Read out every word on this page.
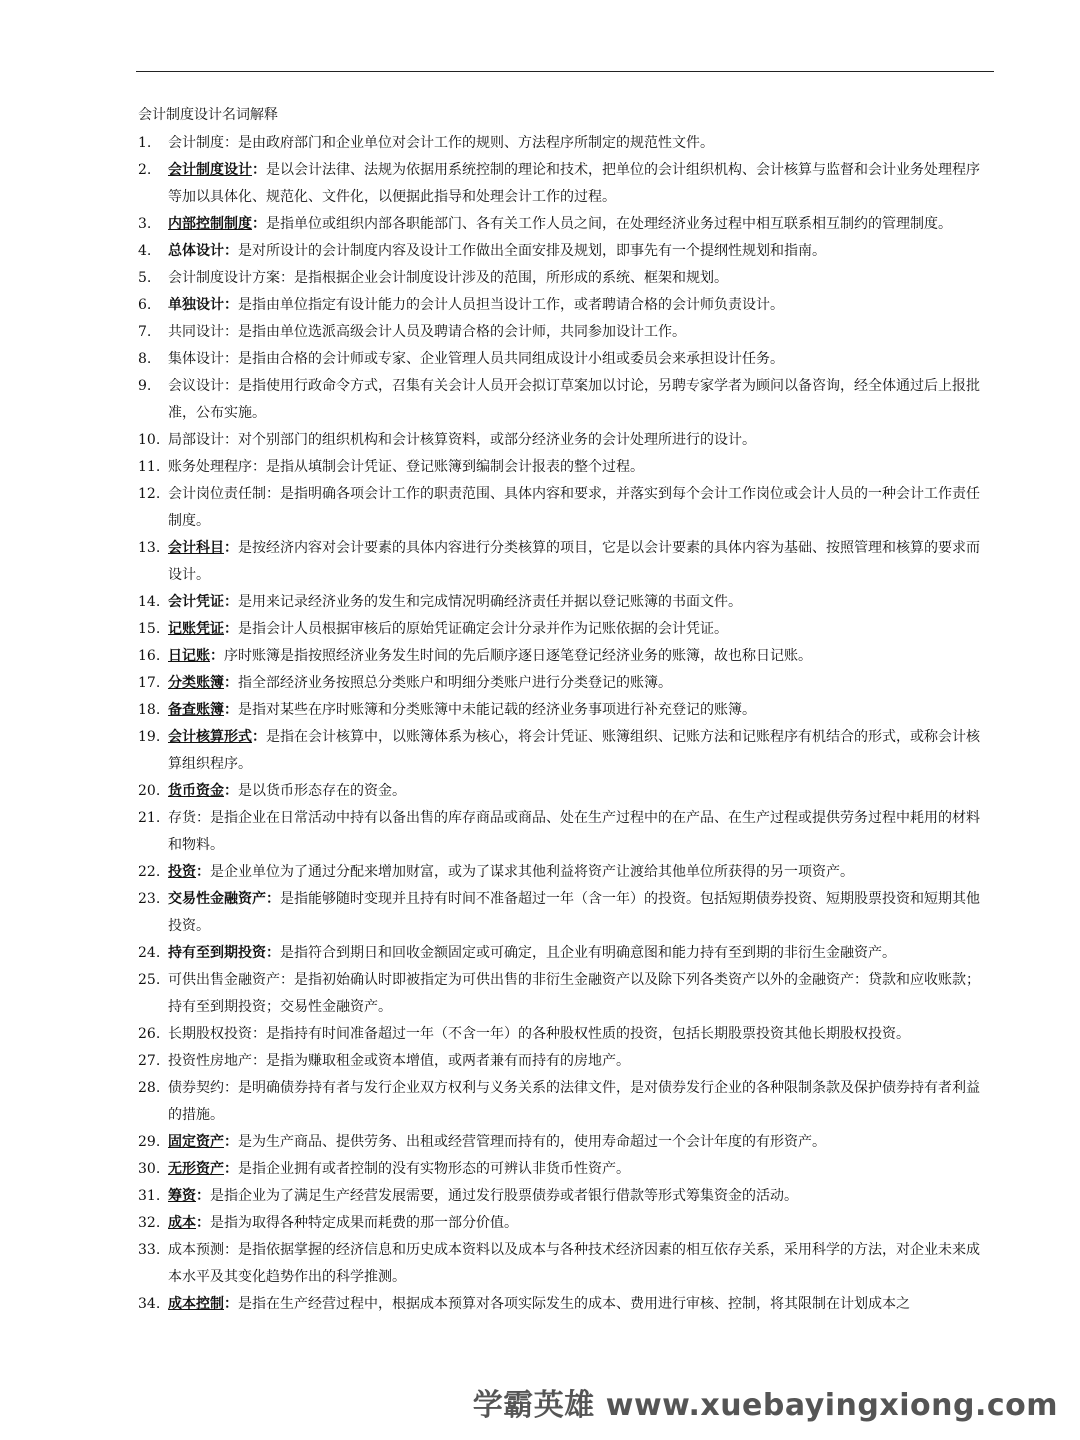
会计制度设计名词解释
1.	会计制度：是由政府部门和企业单位对会计工作的规则、方法程序所制定的规范性文件。
2.	会计制度设计：是以会计法律、法规为依据用系统控制的理论和技术，把单位的会计组织机构、会计核算与监督和会计业务处理程序等加以具体化、规范化、文件化，以便据此指导和处理会计工作的过程。
3.	内部控制制度：是指单位或组织内部各职能部门、各有关工作人员之间，在处理经济业务过程中相互联系相互制约的管理制度。
4.	总体设计：是对所设计的会计制度内容及设计工作做出全面安排及规划，即事先有一个提纲性规划和指南。
5.	会计制度设计方案：是指根据企业会计制度设计涉及的范围，所形成的系统、框架和规划。
6.	单独设计：是指由单位指定有设计能力的会计人员担当设计工作，或者聘请合格的会计师负责设计。
7.	共同设计：是指由单位选派高级会计人员及聘请合格的会计师，共同参加设计工作。
8.	集体设计：是指由合格的会计师或专家、企业管理人员共同组成设计小组或委员会来承担设计任务。
9.	会议设计：是指使用行政命令方式，召集有关会计人员开会拟订草案加以讨论，另聘专家学者为顾问以备咨询，经全体通过后上报批准，公布实施。
10. 局部设计：对个别部门的组织机构和会计核算资料，或部分经济业务的会计处理所进行的设计。
11. 账务处理程序：是指从填制会计凭证、登记账簿到编制会计报表的整个过程。
12. 会计岗位责任制：是指明确各项会计工作的职责范围、具体内容和要求，并落实到每个会计工作岗位或会计人员的一种会计工作责任制度。
13. 会计科目：是按经济内容对会计要素的具体内容进行分类核算的项目，它是以会计要素的具体内容为基础、按照管理和核算的要求而设计。
14. 会计凭证：是用来记录经济业务的发生和完成情况明确经济责任并据以登记账簿的书面文件。
15. 记账凭证：是指会计人员根据审核后的原始凭证确定会计分录并作为记账依据的会计凭证。
16. 日记账：序时账簿是指按照经济业务发生时间的先后顺序逐日逐笔登记经济业务的账簿，故也称日记账。
17. 分类账簿：指全部经济业务按照总分类账户和明细分类账户进行分类登记的账簿。
18. 备查账簿：是指对某些在序时账簿和分类账簿中未能记载的经济业务事项进行补充登记的账簿。
19. 会计核算形式：是指在会计核算中，以账簿体系为核心，将会计凭证、账簿组织、记账方法和记账程序有机结合的形式，或称会计核算组织程序。
20. 货币资金：是以货币形态存在的资金。
21. 存货：是指企业在日常活动中持有以备出售的库存商品或商品、处在生产过程中的在产品、在生产过程或提供劳务过程中耗用的材料和物料。
22. 投资：是企业单位为了通过分配来增加财富，或为了谋求其他利益将资产让渡给其他单位所获得的另一项资产。
23. 交易性金融资产：是指能够随时变现并且持有时间不准备超过一年（含一年）的投资。包括短期债券投资、短期股票投资和短期其他投资。
24. 持有至到期投资：是指符合到期日和回收金额固定或可确定，且企业有明确意图和能力持有至到期的非衍生金融资产。
25. 可供出售金融资产：是指初始确认时即被指定为可供出售的非衍生金融资产以及除下列各类资产以外的金融资产：贷款和应收账款；持有至到期投资；交易性金融资产。
26. 长期股权投资：是指持有时间准备超过一年（不含一年）的各种股权性质的投资，包括长期股票投资其他长期股权投资。
27. 投资性房地产：是指为赚取租金或资本增值，或两者兼有而持有的房地产。
28. 债券契约：是明确债券持有者与发行企业双方权利与义务关系的法律文件，是对债券发行企业的各种限制条款及保护债券持有者利益的措施。
29. 固定资产：是为生产商品、提供劳务、出租或经营管理而持有的，使用寿命超过一个会计年度的有形资产。
30. 无形资产：是指企业拥有或者控制的没有实物形态的可辨认非货币性资产。
31. 筹资：是指企业为了满足生产经营发展需要，通过发行股票债券或者银行借款等形式筹集资金的活动。
32. 成本：是指为取得各种特定成果而耗费的那一部分价值。
33. 成本预测：是指依据掌握的经济信息和历史成本资料以及成本与各种技术经济因素的相互依存关系，采用科学的方法，对企业未来成本水平及其变化趋势作出的科学推测。
34. 成本控制：是指在生产经营过程中，根据成本预算对各项实际发生的成本、费用进行审核、控制，将其限制在计划成本之
学霸英雄 www.xuebayingxiong.com
